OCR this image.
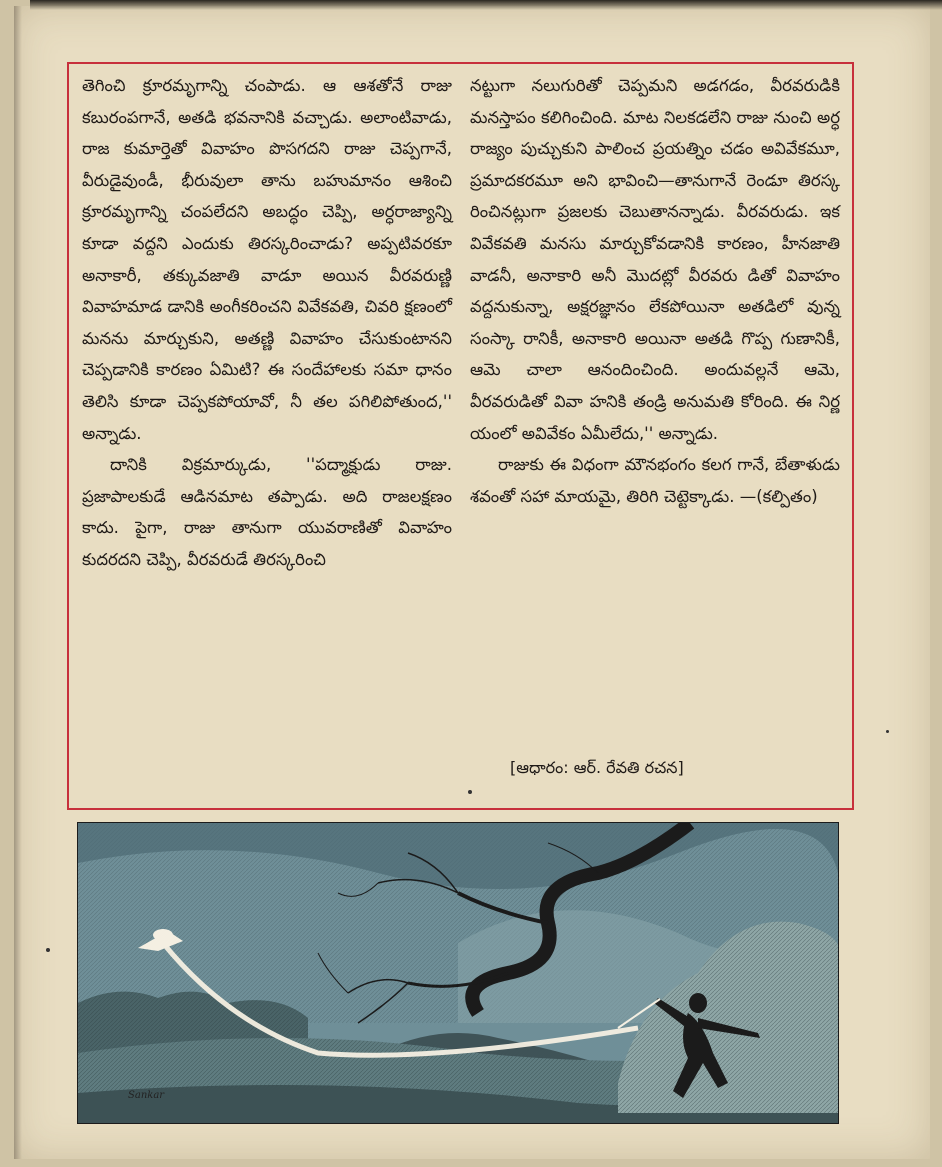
తెగించి క్రూరమృగాన్ని చంపాడు. ఆ ఆశతోనే రాజు కబురంపగానే, అతడి భవనానికి వచ్చాడు. అలాంటివాడు, రాజ కుమార్తెతో వివాహం పొసగదని రాజు చెప్పగానే, వీరుడైవుండీ, భీరువులా తాను బహుమానం ఆశించి క్రూరమృగాన్ని చంపలేదని అబద్ధం చెప్పి, అర్ధరాజ్యాన్ని కూడా వద్దని ఎందుకు తిరస్కరించాడు? అప్పటివరకూ అనాకారీ, తక్కువజాతి వాడూ అయిన వీరవరుణ్ణి వివాహమాడ డానికి అంగీకరించని వివేకవతి, చివరి క్షణంలో మనను మార్చుకుని, అతణ్ణి వివాహం చేసుకుంటానని చెప్పడానికి కారణం ఏమిటి? ఈ సందేహాలకు సమా ధానం తెలిసి కూడా చెప్పకపోయావో, నీ తల పగిలిపోతుంద,'' అన్నాడు.

దానికి విక్రమార్కుడు, ''పద్మాక్షుడు రాజు. ప్రజాపాలకుడే ఆడినమాట తప్పాడు. అది రాజలక్షణం కాదు. పైగా, రాజు తానుగా యువరాణితో వివాహం కుదరదని చెప్పి, వీరవరుడే తిరస్కరించి

నట్టుగా నలుగురితో చెప్పమని అడగడం, వీరవరుడికి మనస్తాపం కలిగించింది. మాట నిలకడలేని రాజు నుంచి అర్ధ రాజ్యం పుచ్చుకుని పాలించ ప్రయత్నిం చడం అవివేకమూ, ప్రమాదకరమూ అని భావించి—తానుగానే రెండూ తిరస్క రించినట్లుగా ప్రజలకు చెబుతానన్నాడు. వీరవరుడు. ఇక వివేకవతి మనసు మార్చుకోవడానికి కారణం, హీనజాతి వాడనీ, అనాకారి అనీ మొదట్లో వీరవరు డితో వివాహం వద్దనుకున్నా, అక్షరజ్ఞానం లేకపోయినా అతడిలో వున్న సంస్కా రానికీ, అనాకారి అయినా అతడి గొప్ప గుణానికీ, ఆమె చాలా ఆనందించింది. అందువల్లనే ఆమె, వీరవరుడితో వివా హనికి తండ్రి అనుమతి కోరింది. ఈ నిర్ణ యంలో అవివేకం ఏమీలేదు,'' అన్నాడు.

రాజుకు ఈ విధంగా మౌనభంగం కలగ గానే, బేతాళుడు శవంతో సహా మాయమై, తిరిగి చెట్టెక్కాడు. —(కల్పితం)

[ఆధారం: ఆర్. రేవతి రచన]
Sankar
